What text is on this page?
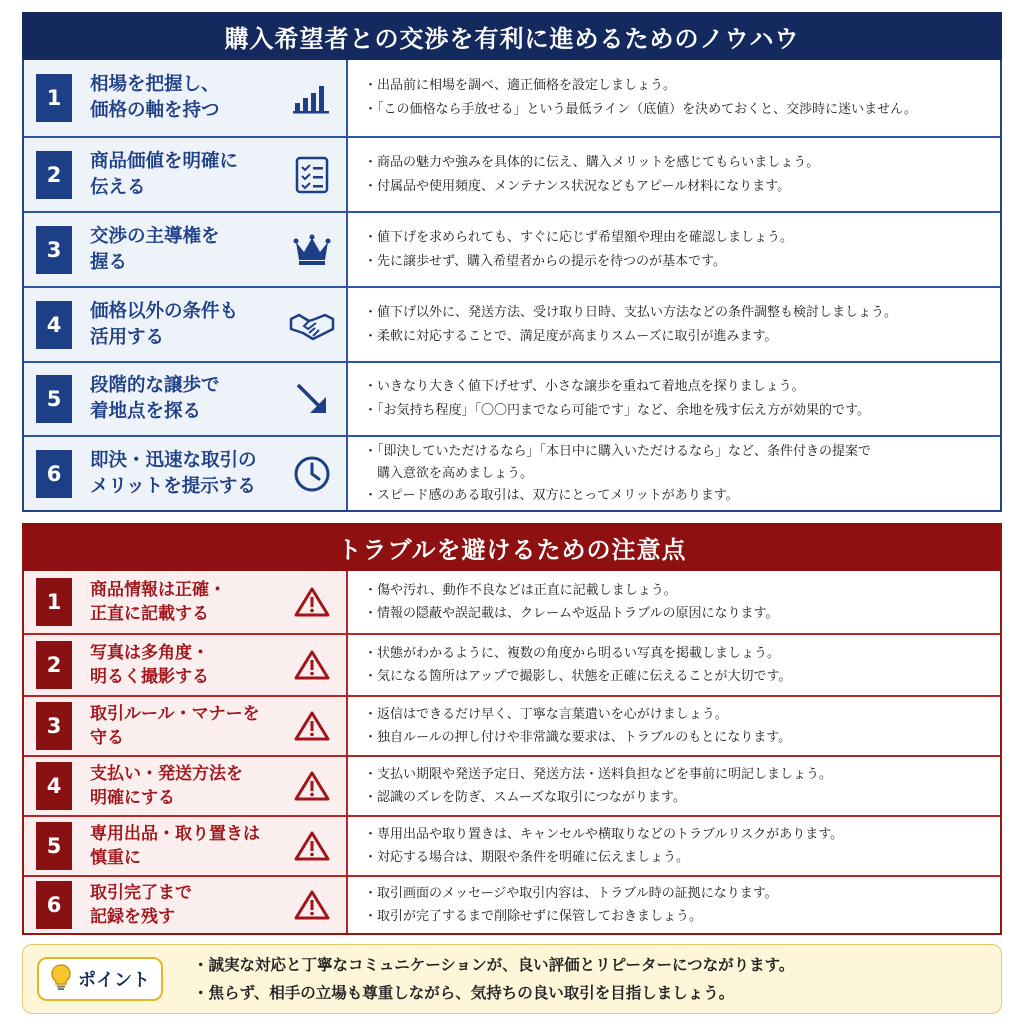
購入希望者との交渉を有利に進めるためのノウハウ
1
相場を把握し、
価格の軸を持つ
・出品前に相場を調べ、適正価格を設定しましょう。
・「この価格なら手放せる」という最低ライン（底値）を決めておくと、交渉時に迷いません。
2
商品価値を明確に
伝える
・商品の魅力や強みを具体的に伝え、購入メリットを感じてもらいましょう。
・付属品や使用頻度、メンテナンス状況などもアピール材料になります。
3
交渉の主導権を
握る
・値下げを求められても、すぐに応じず希望額や理由を確認しましょう。
・先に譲歩せず、購入希望者からの提示を待つのが基本です。
4
価格以外の条件も
活用する
・値下げ以外に、発送方法、受け取り日時、支払い方法などの条件調整も検討しましょう。
・柔軟に対応することで、満足度が高まりスムーズに取引が進みます。
5
段階的な譲歩で
着地点を探る
・いきなり大きく値下げせず、小さな譲歩を重ねて着地点を探りましょう。
・「お気持ち程度」「〇〇円までなら可能です」など、余地を残す伝え方が効果的です。
6
即決・迅速な取引の
メリットを提示する
・「即決していただけるなら」「本日中に購入いただけるなら」など、条件付きの提案で
　購入意欲を高めましょう。
・スピード感のある取引は、双方にとってメリットがあります。
トラブルを避けるための注意点
1	商品情報は正確・
正直に記載する
・傷や汚れ、動作不良などは正直に記載しましょう。
・情報の隠蔽や誤記載は、クレームや返品トラブルの原因になります。
2	写真は多角度・
明るく撮影する
・状態がわかるように、複数の角度から明るい写真を掲載しましょう。
・気になる箇所はアップで撮影し、状態を正確に伝えることが大切です。
3	取引ルール・マナーを
守る
・返信はできるだけ早く、丁寧な言葉遣いを心がけましょう。
・独自ルールの押し付けや非常識な要求は、トラブルのもとになります。
4	支払い・発送方法を
明確にする
・支払い期限や発送予定日、発送方法・送料負担などを事前に明記しましょう。
・認識のズレを防ぎ、スムーズな取引につながります。
5	専用出品・取り置きは
慎重に
・専用出品や取り置きは、キャンセルや横取りなどのトラブルリスクがあります。
・対応する場合は、期限や条件を明確に伝えましょう。
6	取引完了まで
記録を残す
・取引画面のメッセージや取引内容は、トラブル時の証拠になります。
・取引が完了するまで削除せずに保管しておきましょう。
ポイント
・誠実な対応と丁寧なコミュニケーションが、良い評価とリピーターにつながります。
・焦らず、相手の立場も尊重しながら、気持ちの良い取引を目指しましょう。
